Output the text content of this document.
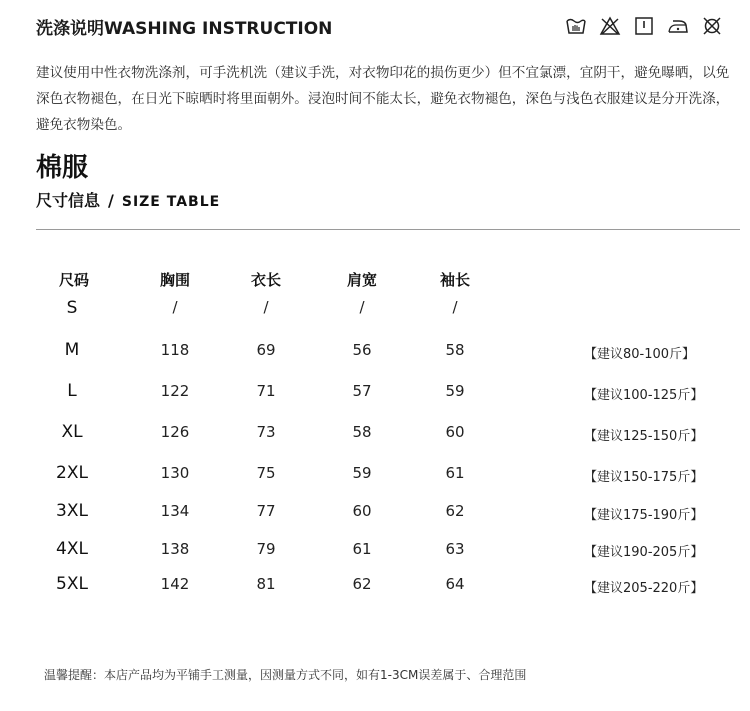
洗涤说明WASHING INSTRUCTION
建议使用中性衣物洗涤剂，可手洗机洗（建议手洗，对衣物印花的损伤更少）但不宜氯漂，宜阴干，避免曝晒，以免深色衣物褪色，在日光下晾晒时将里面朝外。浸泡时间不能太长，避免衣物褪色，深色与浅色衣服建议是分开洗涤，避免衣物染色。
棉服
尺寸信息 / SIZE TABLE
尺码	胸围	衣长	肩宽	袖长
S	/	/	/	/
M	118	69	56	58	【建议80-100斤】
L	122	71	57	59	【建议100-125斤】
XL	126	73	58	60	【建议125-150斤】
2XL	130	75	59	61	【建议150-175斤】
3XL	134	77	60	62	【建议175-190斤】
4XL	138	79	61	63	【建议190-205斤】
5XL	142	81	62	64	【建议205-220斤】
温馨提醒：本店产品均为平铺手工测量，因测量方式不同，如有1-3CM误差属于、合理范围
